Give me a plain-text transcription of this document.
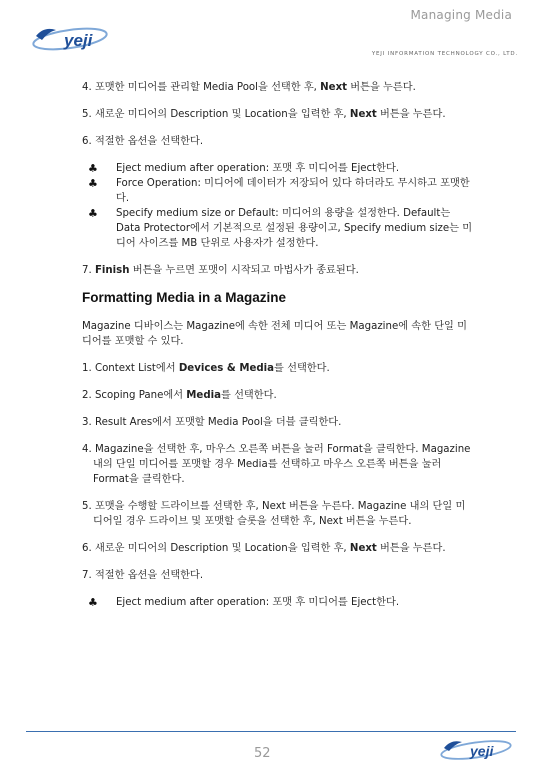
Managing Media
yeji
YEJI INFORMATION TECHNOLOGY CO., LTD.

4. 포맷한 미디어를 관리할 Media Pool을 선택한 후, Next 버튼을 누른다.

5. 새로운 미디어의 Description 및 Location을 입력한 후, Next 버튼을 누른다.

6. 적절한 옵션을 선택한다.

♣ Eject medium after operation: 포맷 후 미디어를 Eject한다.

♣ Force Operation: 미디어에 데이터가 저장되어 있다 하더라도 무시하고 포맷한다.

♣ Specify medium size or Default: 미디어의 용량을 설정한다. Default는 Data Protector에서 기본적으로 설정된 용량이고, Specify medium size는 미디어 사이즈를 MB 단위로 사용자가 설정한다.

7. Finish 버튼을 누르면 포맷이 시작되고 마법사가 종료된다.

Formatting Media in a Magazine

Magazine 디바이스는 Magazine에 속한 전체 미디어 또는 Magazine에 속한 단일 미디어를 포맷할 수 있다.

1. Context List에서 Devices & Media를 선택한다.

2. Scoping Pane에서 Media를 선택한다.

3. Result Ares에서 포맷할 Media Pool을 더블 클릭한다.

4. Magazine을 선택한 후, 마우스 오른쪽 버튼을 눌러 Format을 클릭한다. Magazine 내의 단일 미디어를 포맷할 경우 Media를 선택하고 마우스 오른쪽 버튼을 눌러 Format을 클릭한다.

5. 포맷을 수행할 드라이브를 선택한 후, Next 버튼을 누른다. Magazine 내의 단일 미디어일 경우 드라이브 및 포맷할 슬롯을 선택한 후, Next 버튼을 누른다.

6. 새로운 미디어의 Description 및 Location을 입력한 후, Next 버튼을 누른다.

7. 적절한 옵션을 선택한다.

♣ Eject medium after operation: 포맷 후 미디어를 Eject한다.

52	yeji
